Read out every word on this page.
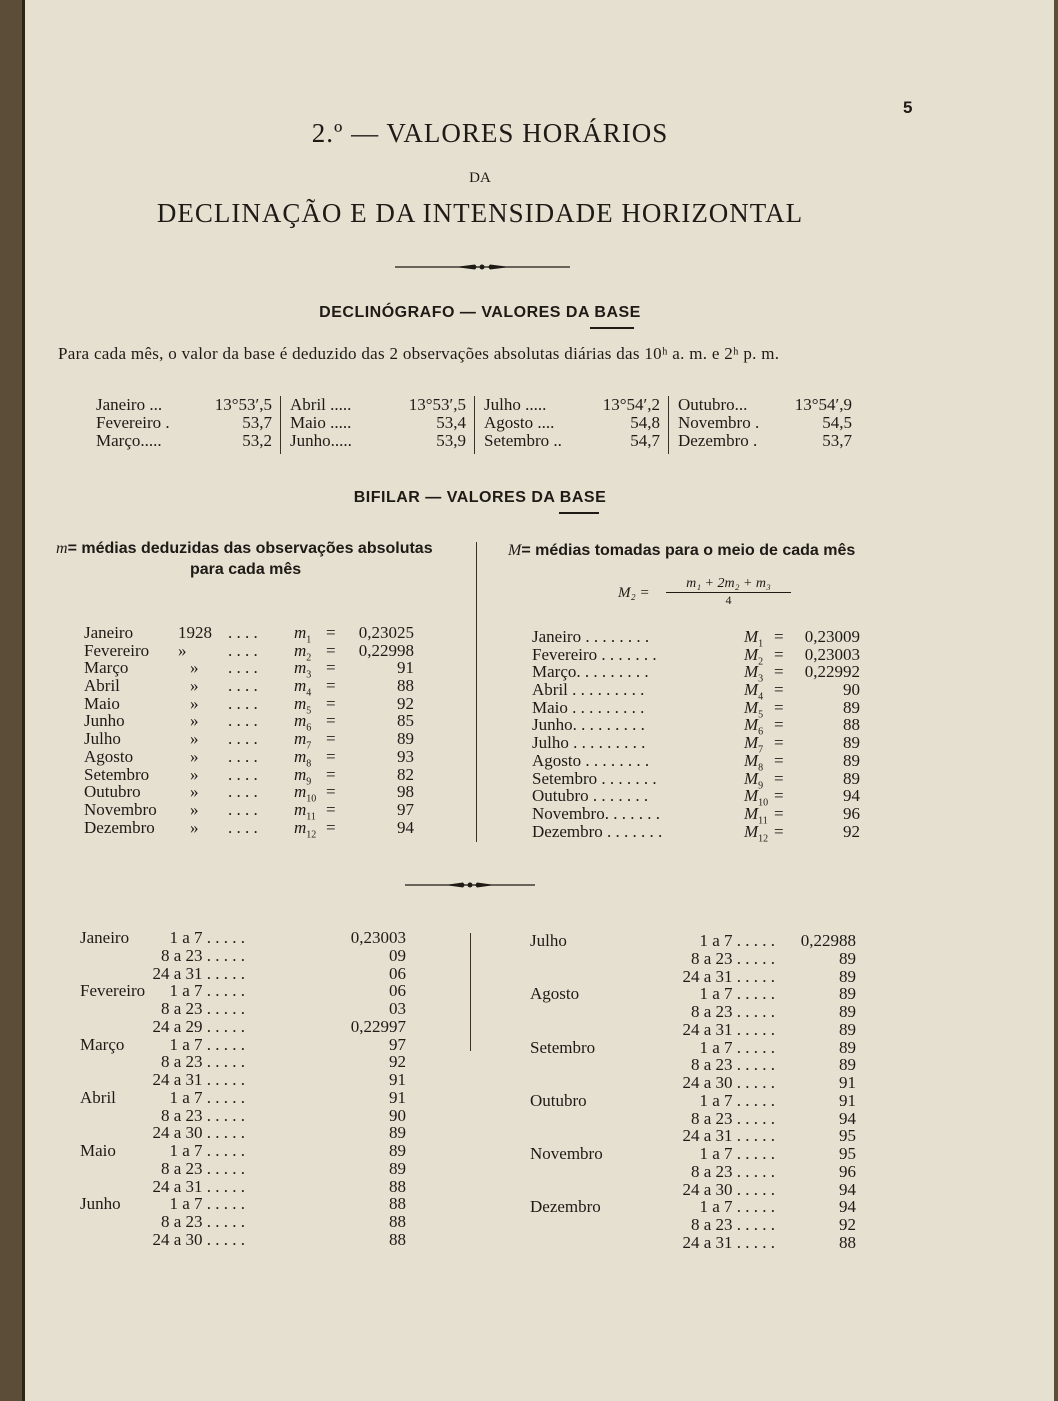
5
2.º — VALORES HORÁRIOS
DA
DECLINAÇÃO E DA INTENSIDADE HORIZONTAL
DECLINÓGRAFO — VALORES DA BASE
Para cada mês, o valor da base é deduzido das 2 observações absolutas diárias das 10ʰ a. m. e 2ʰ p. m.
Janeiro ...	13°53′,5
Fevereiro .	53,7
Março.....	53,2
Abril .....	13°53′,5
Maio .....	53,4
Junho.....	53,9
Julho .....	13°54′,2
Agosto ....	54,8
Setembro ..	54,7
Outubro...	13°54′,9
Novembro .	54,5
Dezembro .	53,7
BIFILAR — VALORES DA BASE
m= médias deduzidas das observações absolutas
para cada mês
M= médias tomadas para o meio de cada mês
M₂ =
m₁ + 2m₂ + m₃
4
Janeiro	1928 . . . . $m_1 = 0,23025$
Fevereiro » . . . . $m_2 = 0,22998$
Março	» . . . . $m_3$ =	91
Abril	» . . . . $m_4$ =	88
Maio	» . . . . $m_5$ =	92
Junho	» . . . . $m_6$ =	85
Julho	» . . . . $m_7$ =	89
Agosto	» . . . . $m_8$ =	93
Setembro » . . . . $m_9$ =	82
Outubro	» . . . . $m_{10}$ =	98
Novembro » . . . . $m_{11}$ =	97
Dezembro » . . . . $m_{12}$ =	94
Janeiro . . . . . . . .	$M_1 = 0,23009$
Fevereiro . . . . . . .	$M_2 = 0,23003$
Março. . . . . . . . .	$M_3 = 0,22992$
Abril . . . . . . . . .	$M_4$ =	90
Maio . . . . . . . . .	$M_5$ =	89
Junho. . . . . . . . .	$M_6$ =	88
Julho . . . . . . . . .	$M_7$ =	89
Agosto . . . . . . . .	$M_8$ =	89
Setembro . . . . . . .	$M_9$ =	89
Outubro . . . . . . .	$M_{10}$ =	94
Novembro. . . . . . .	$M_{11}$ =	96
Dezembro . . . . . . .	$M_{12}$ =	92
Janeiro 1 a 7 . . . . .	0,23003
8 a 23 . . . . .	09
24 a 31 . . . . .	06
Fevereiro 1 a 7 . . . . .	06
8 a 23 . . . . .	03
24 a 29 . . . . .	0,22997
Março	1 a 7 . . . . .	97
8 a 23 . . . . .	92
24 a 31 . . . . .	91
Abril	1 a 7 . . . . .	91
8 a 23 . . . . .	90
24 a 30 . . . . .	89
Maio	1 a 7 . . . . .	89
8 a 23 . . . . .	89
24 a 31 . . . . .	88
Junho	1 a 7 . . . . .	88
8 a 23 . . . . .	88
24 a 30 . . . . .	88
Julho	1 a 7 . . . . . 0,22988
8 a 23 . . . . .	89
24 a 31 . . . . .	89
Agosto	1 a 7 . . . . .	89
8 a 23 . . . . .	89
24 a 31 . . . . .	89
Setembro	1 a 7 . . . . .	89
8 a 23 . . . . .	89
24 a 30 . . . . .	91
Outubro	1 a 7 . . . . .	91
8 a 23 . . . . .	94
24 a 31 . . . . .	95
Novembro	1 a 7 . . . . .	95
8 a 23 . . . . .	96
24 a 30 . . . . .	94
Dezembro	1 a 7 . . . . .	94
8 a 23 . . . . .	92
24 a 31 . . . . .	88
